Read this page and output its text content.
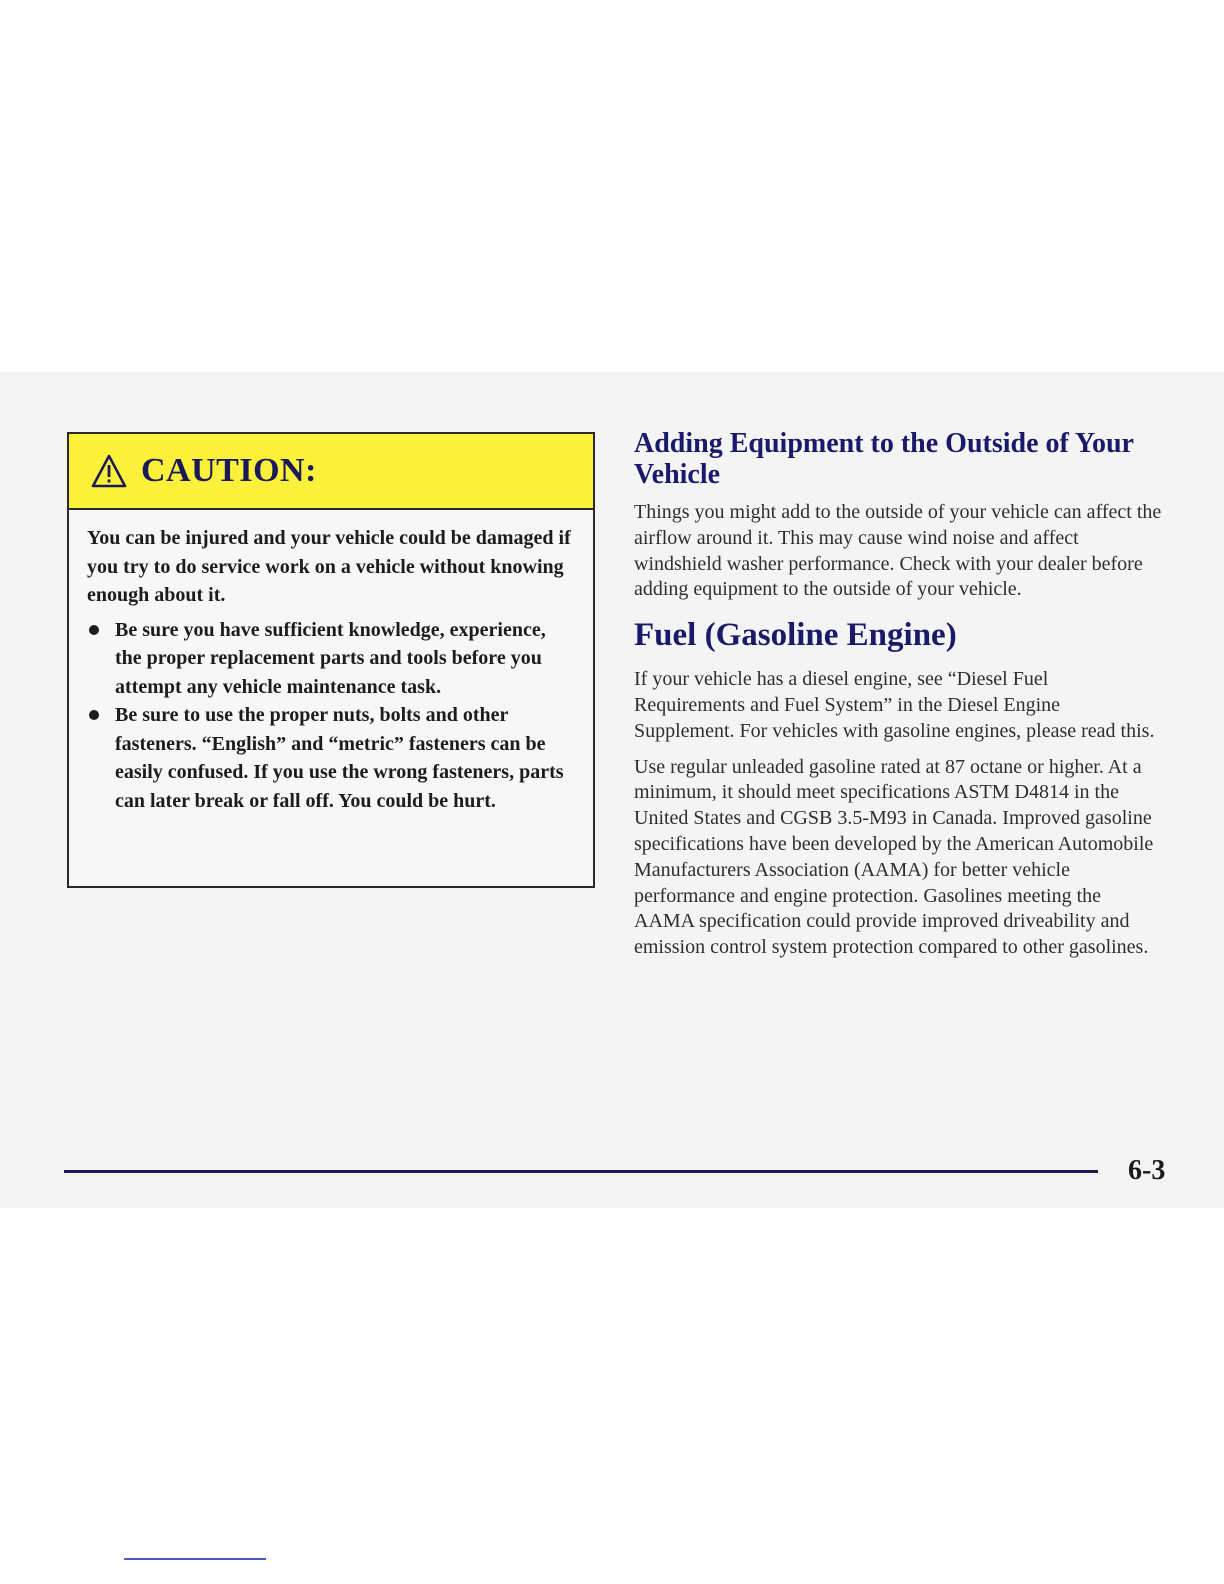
CAUTION:

You can be injured and your vehicle could be damaged if you try to do service work on a vehicle without knowing enough about it.

Be sure you have sufficient knowledge, experience, the proper replacement parts and tools before you attempt any vehicle maintenance task.
Be sure to use the proper nuts, bolts and other fasteners. “English” and “metric” fasteners can be easily confused. If you use the wrong fasteners, parts can later break or fall off. You could be hurt.
Adding Equipment to the Outside of Your Vehicle

Things you might add to the outside of your vehicle can affect the airflow around it. This may cause wind noise and affect windshield washer performance. Check with your dealer before adding equipment to the outside of your vehicle.

Fuel (Gasoline Engine)

If your vehicle has a diesel engine, see “Diesel Fuel Requirements and Fuel System” in the Diesel Engine Supplement. For vehicles with gasoline engines, please read this.

Use regular unleaded gasoline rated at 87 octane or higher. At a minimum, it should meet specifications ASTM D4814 in the United States and CGSB 3.5-M93 in Canada. Improved gasoline specifications have been developed by the American Automobile Manufacturers Association (AAMA) for better vehicle performance and engine protection. Gasolines meeting the AAMA specification could provide improved driveability and emission control system protection compared to other gasolines.

6-3
